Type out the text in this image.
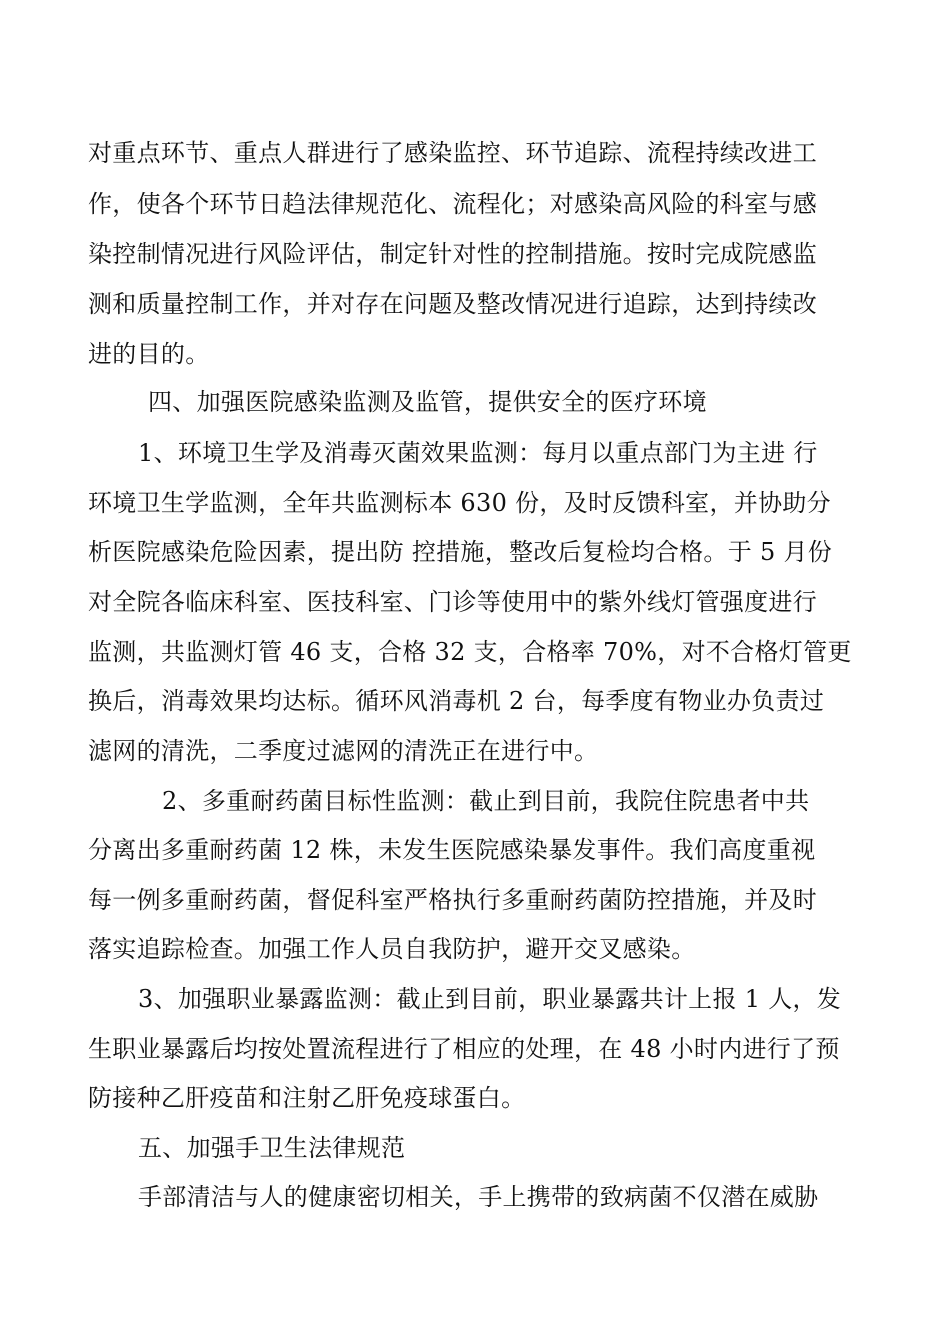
对重点环节、重点人群进行了感染监控、环节追踪、流程持续改进工
作，使各个环节日趋法律规范化、流程化；对感染高风险的科室与感
染控制情况进行风险评估，制定针对性的控制措施。按时完成院感监
测和质量控制工作，并对存在问题及整改情况进行追踪，达到持续改
进的目的。
四、加强医院感染监测及监管，提供安全的医疗环境
1、环境卫生学及消毒灭菌效果监测：每月以重点部门为主进 行
环境卫生学监测，全年共监测标本 630 份，及时反馈科室，并协助分
析医院感染危险因素，提出防 控措施，整改后复检均合格。于 5 月份
对全院各临床科室、医技科室、门诊等使用中的紫外线灯管强度进行
监测，共监测灯管 46 支，合格 32 支，合格率 70%，对不合格灯管更
换后，消毒效果均达标。循环风消毒机 2 台，每季度有物业办负责过
滤网的清洗，二季度过滤网的清洗正在进行中。
2、多重耐药菌目标性监测：截止到目前，我院住院患者中共
分离出多重耐药菌 12 株，未发生医院感染暴发事件。我们高度重视
每一例多重耐药菌，督促科室严格执行多重耐药菌防控措施，并及时
落实追踪检查。加强工作人员自我防护，避开交叉感染。
3、加强职业暴露监测：截止到目前，职业暴露共计上报 1 人，发
生职业暴露后均按处置流程进行了相应的处理，在 48 小时内进行了预
防接种乙肝疫苗和注射乙肝免疫球蛋白。
五、加强手卫生法律规范
手部清洁与人的健康密切相关，手上携带的致病菌不仅潜在威胁
